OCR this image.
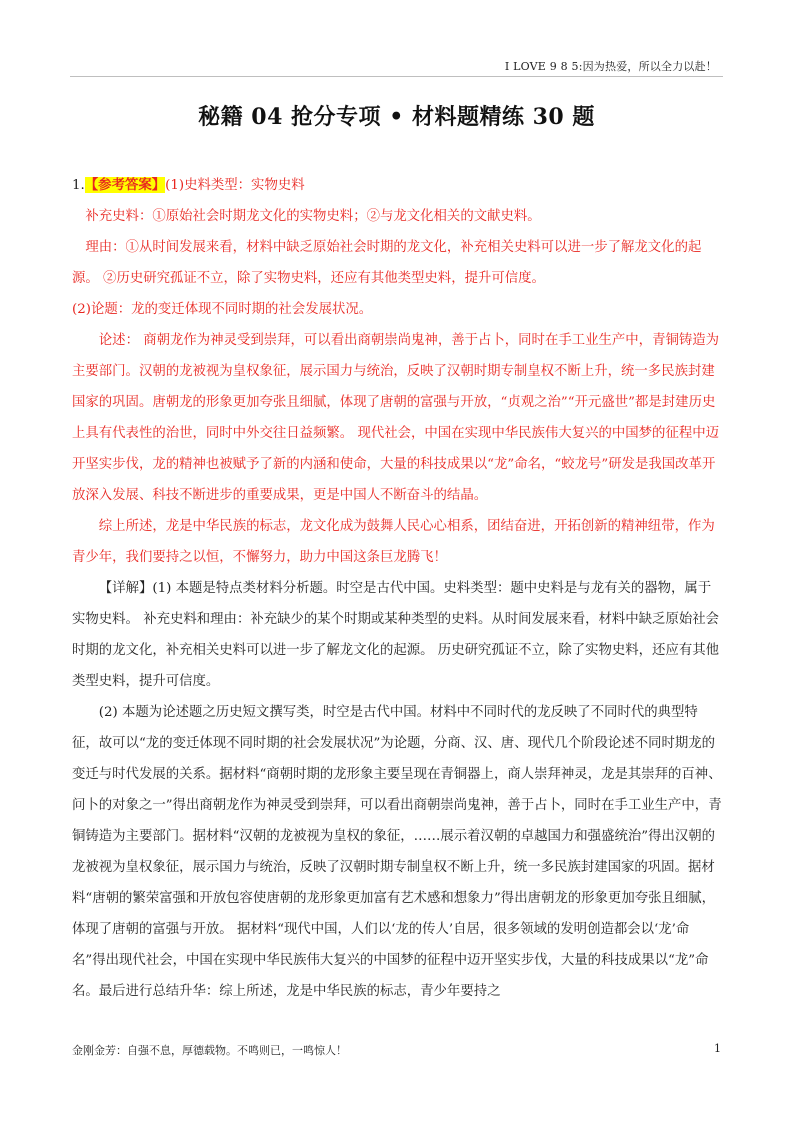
I LOVE 9 8 5:因为热爱，所以全力以赴！
秘籍 04 抢分专项 • 材料题精练 30 题

1.【参考答案】(1)史料类型：实物史料

补充史料：①原始社会时期龙文化的实物史料；②与龙文化相关的文献史料。

理由：①从时间发展来看，材料中缺乏原始社会时期的龙文化，补充相关史料可以进一步了解龙文化的起源。 ②历史研究孤证不立，除了实物史料，还应有其他类型史料，提升可信度。

(2)论题：龙的变迁体现不同时期的社会发展状况。

论述： 商朝龙作为神灵受到崇拜，可以看出商朝崇尚鬼神，善于占卜，同时在手工业生产中，青铜铸造为主要部门。汉朝的龙被视为皇权象征，展示国力与统治，反映了汉朝时期专制皇权不断上升，统一多民族封建国家的巩固。唐朝龙的形象更加夸张且细腻，体现了唐朝的富强与开放，“贞观之治”“开元盛世”都是封建历史上具有代表性的治世，同时中外交往日益频繁。 现代社会，中国在实现中华民族伟大复兴的中国梦的征程中迈开坚实步伐，龙的精神也被赋予了新的内涵和使命，大量的科技成果以“龙”命名，“蛟龙号”研发是我国改革开放深入发展、科技不断进步的重要成果，更是中国人不断奋斗的结晶。

综上所述，龙是中华民族的标志，龙文化成为鼓舞人民心心相系，团结奋进，开拓创新的精神纽带，作为青少年，我们要持之以恒，不懈努力，助力中国这条巨龙腾飞！

【详解】(1) 本题是特点类材料分析题。时空是古代中国。史料类型：题中史料是与龙有关的器物，属于实物史料。 补充史料和理由：补充缺少的某个时期或某种类型的史料。从时间发展来看，材料中缺乏原始社会时期的龙文化，补充相关史料可以进一步了解龙文化的起源。 历史研究孤证不立，除了实物史料，还应有其他类型史料，提升可信度。

(2) 本题为论述题之历史短文撰写类，时空是古代中国。材料中不同时代的龙反映了不同时代的典型特征，故可以“龙的变迁体现不同时期的社会发展状况”为论题，分商、汉、唐、现代几个阶段论述不同时期龙的变迁与时代发展的关系。据材料“商朝时期的龙形象主要呈现在青铜器上，商人崇拜神灵，龙是其崇拜的百神、问卜的对象之一”得出商朝龙作为神灵受到崇拜，可以看出商朝崇尚鬼神，善于占卜，同时在手工业生产中，青铜铸造为主要部门。据材料“汉朝的龙被视为皇权的象征，……展示着汉朝的卓越国力和强盛统治”得出汉朝的龙被视为皇权象征，展示国力与统治，反映了汉朝时期专制皇权不断上升，统一多民族封建国家的巩固。据材料“唐朝的繁荣富强和开放包容使唐朝的龙形象更加富有艺术感和想象力”得出唐朝龙的形象更加夸张且细腻，体现了唐朝的富强与开放。 据材料“现代中国，人们以‘龙的传人’自居，很多领域的发明创造都会以‘龙’命名”得出现代社会，中国在实现中华民族伟大复兴的中国梦的征程中迈开坚实步伐，大量的科技成果以“龙”命名。最后进行总结升华：综上所述，龙是中华民族的标志，青少年要持之

金刚金芳：自强不息，厚德载物。不鸣则已，一鸣惊人！	1
